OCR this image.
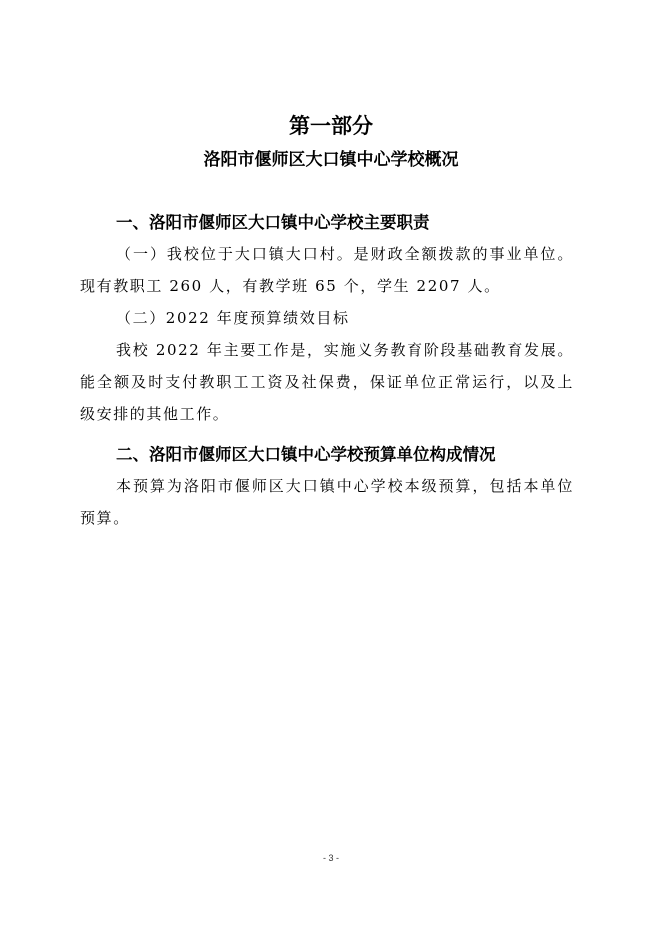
第一部分
洛阳市偃师区大口镇中心学校概况

一、洛阳市偃师区大口镇中心学校主要职责

（一）我校位于大口镇大口村。是财政全额拨款的事业单位。现有教职工 260 人，有教学班 65 个，学生 2207 人。

（二）2022 年度预算绩效目标

我校 2022 年主要工作是，实施义务教育阶段基础教育发展。能全额及时支付教职工工资及社保费，保证单位正常运行，以及上级安排的其他工作。

二、洛阳市偃师区大口镇中心学校预算单位构成情况

本预算为洛阳市偃师区大口镇中心学校本级预算，包括本单位预算。

- 3 -
